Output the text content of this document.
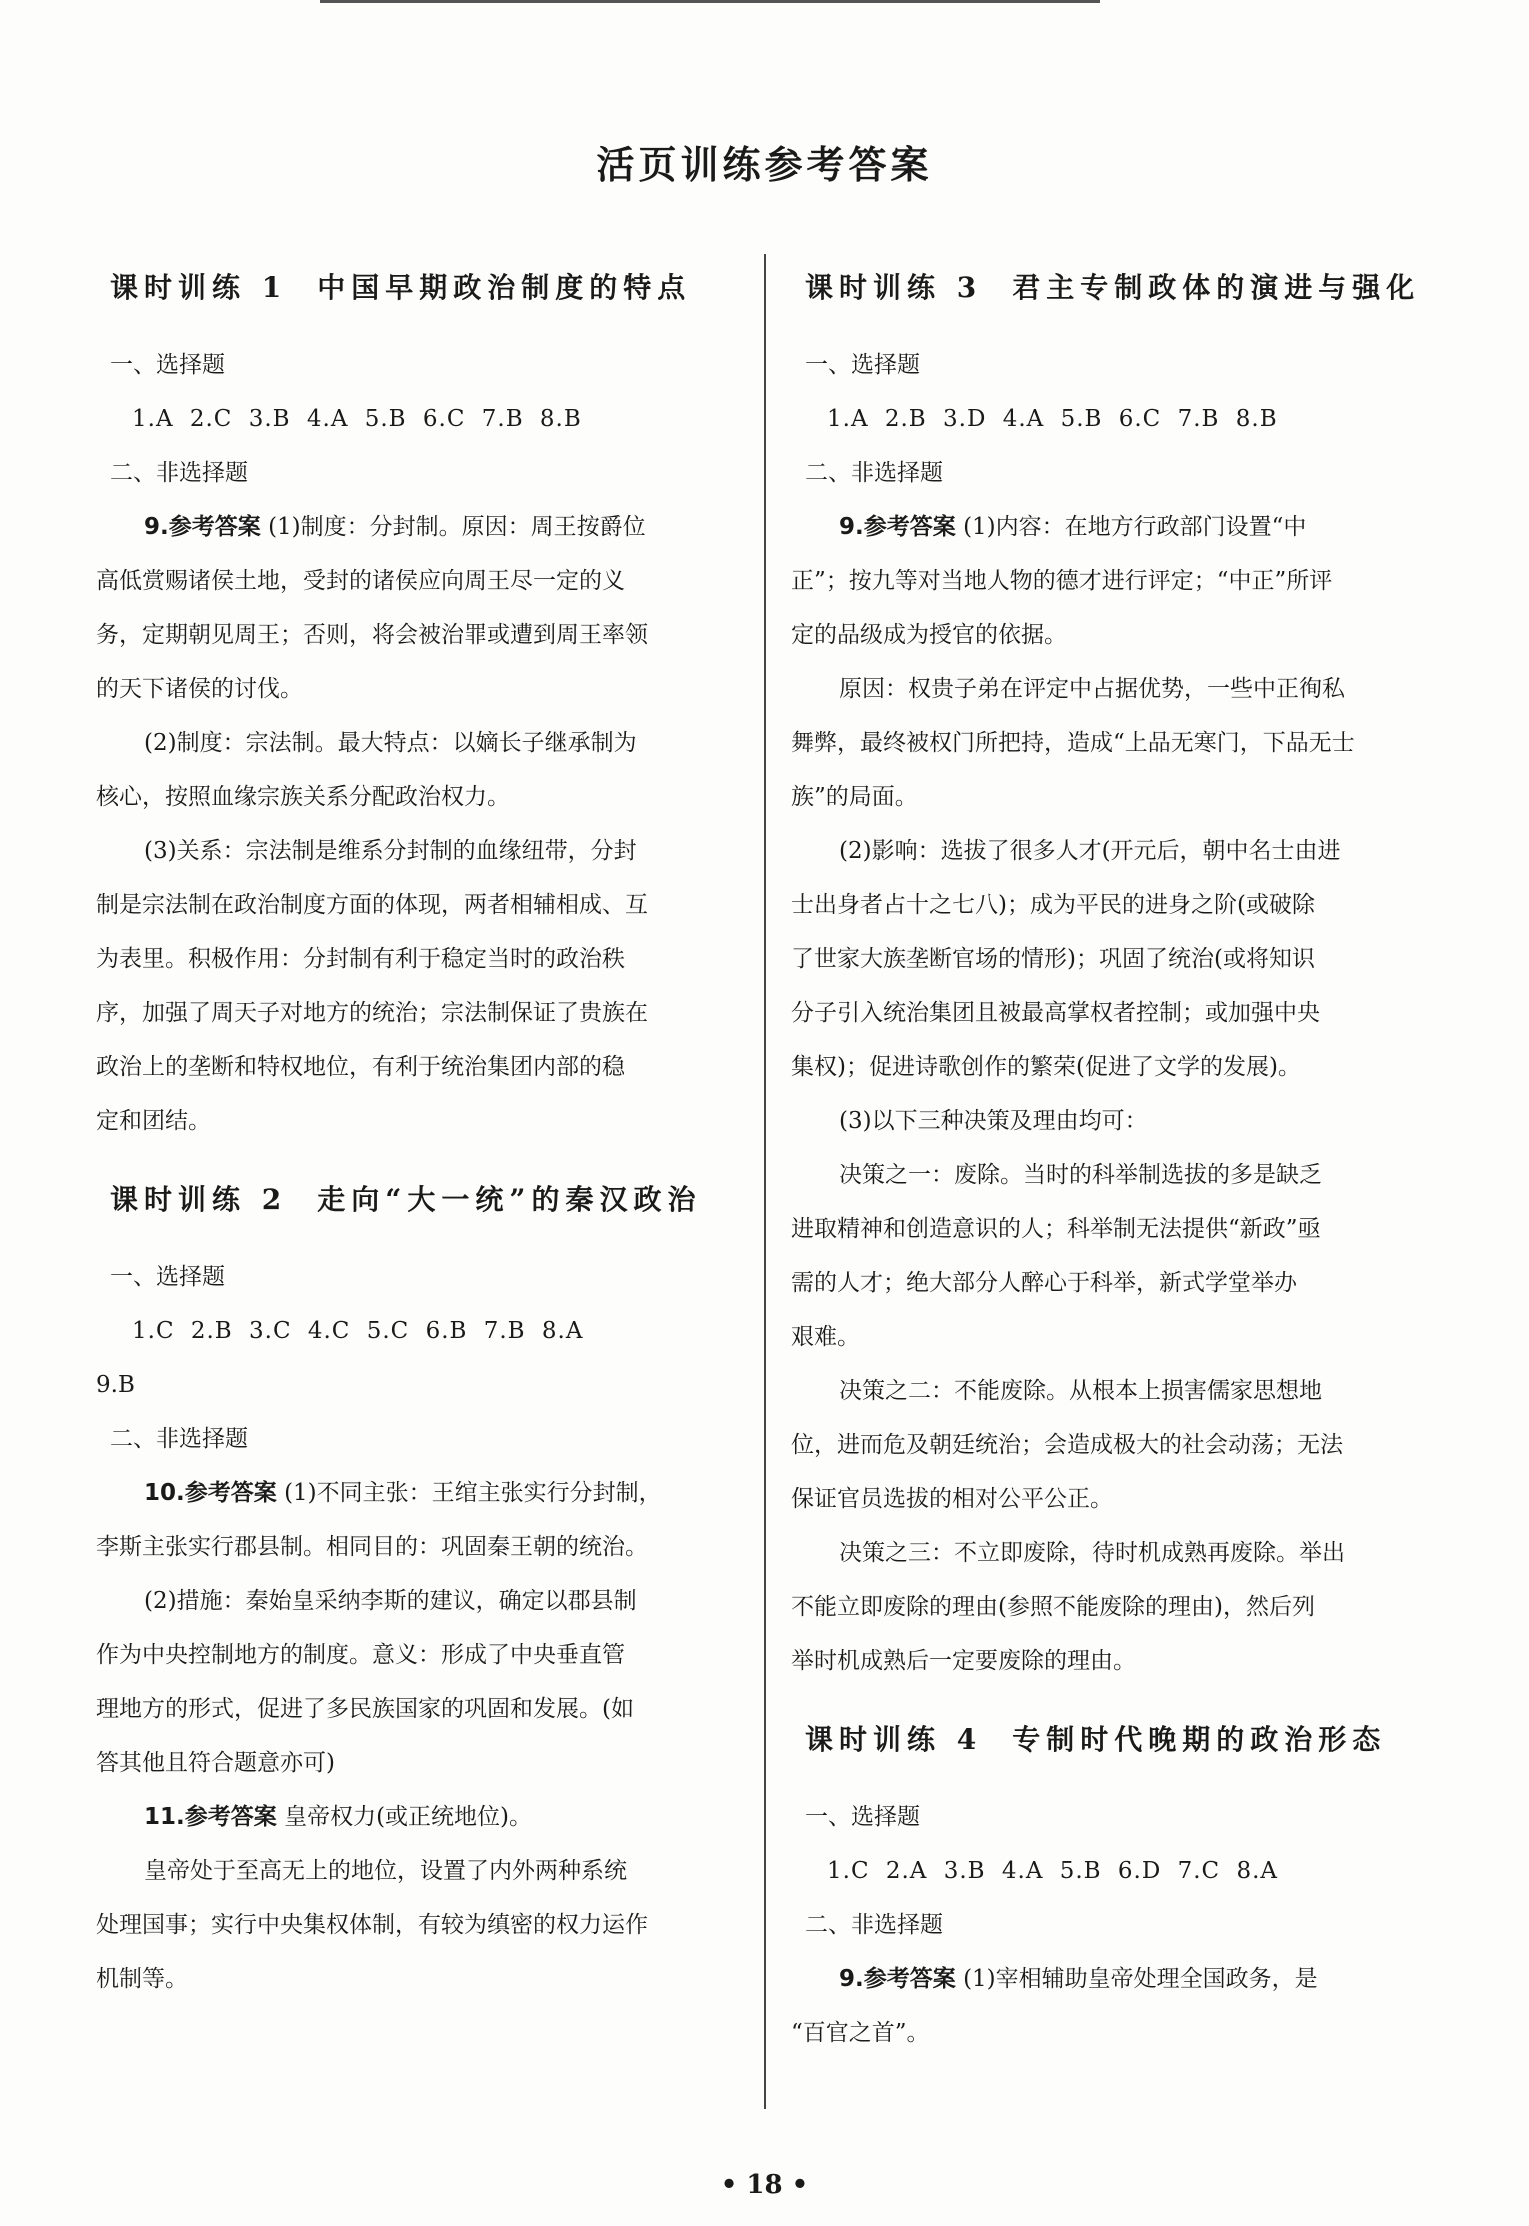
活页训练参考答案
课时训练 1 中国早期政治制度的特点

一、选择题

1.A 2.C 3.B 4.A 5.B 6.C 7.B 8.B

二、非选择题

9.参考答案 (1)制度：分封制。原因：周王按爵位

高低赏赐诸侯土地，受封的诸侯应向周王尽一定的义

务，定期朝见周王；否则，将会被治罪或遭到周王率领

的天下诸侯的讨伐。

(2)制度：宗法制。最大特点：以嫡长子继承制为

核心，按照血缘宗族关系分配政治权力。

(3)关系：宗法制是维系分封制的血缘纽带，分封

制是宗法制在政治制度方面的体现，两者相辅相成、互

为表里。积极作用：分封制有利于稳定当时的政治秩

序，加强了周天子对地方的统治；宗法制保证了贵族在

政治上的垄断和特权地位，有利于统治集团内部的稳

定和团结。

课时训练 2 走向“大一统”的秦汉政治

一、选择题

1.C 2.B 3.C 4.C 5.C 6.B 7.B 8.A

9.B

二、非选择题

10.参考答案 (1)不同主张：王绾主张实行分封制，

李斯主张实行郡县制。相同目的：巩固秦王朝的统治。

(2)措施：秦始皇采纳李斯的建议，确定以郡县制

作为中央控制地方的制度。意义：形成了中央垂直管

理地方的形式，促进了多民族国家的巩固和发展。(如

答其他且符合题意亦可)

11.参考答案 皇帝权力(或正统地位)。

皇帝处于至高无上的地位，设置了内外两种系统

处理国事；实行中央集权体制，有较为缜密的权力运作

机制等。

课时训练 3 君主专制政体的演进与强化

一、选择题

1.A 2.B 3.D 4.A 5.B 6.C 7.B 8.B

二、非选择题

9.参考答案 (1)内容：在地方行政部门设置“中

正”；按九等对当地人物的德才进行评定；“中正”所评

定的品级成为授官的依据。

原因：权贵子弟在评定中占据优势，一些中正徇私

舞弊，最终被权门所把持，造成“上品无寒门，下品无士

族”的局面。

(2)影响：选拔了很多人才(开元后，朝中名士由进

士出身者占十之七八)；成为平民的进身之阶(或破除

了世家大族垄断官场的情形)；巩固了统治(或将知识

分子引入统治集团且被最高掌权者控制；或加强中央

集权)；促进诗歌创作的繁荣(促进了文学的发展)。

(3)以下三种决策及理由均可：

决策之一：废除。当时的科举制选拔的多是缺乏

进取精神和创造意识的人；科举制无法提供“新政”亟

需的人才；绝大部分人醉心于科举，新式学堂举办

艰难。

决策之二：不能废除。从根本上损害儒家思想地

位，进而危及朝廷统治；会造成极大的社会动荡；无法

保证官员选拔的相对公平公正。

决策之三：不立即废除，待时机成熟再废除。举出

不能立即废除的理由(参照不能废除的理由)，然后列

举时机成熟后一定要废除的理由。

课时训练 4 专制时代晚期的政治形态

一、选择题

1.C 2.A 3.B 4.A 5.B 6.D 7.C 8.A

二、非选择题

9.参考答案 (1)宰相辅助皇帝处理全国政务，是

“百官之首”。

• 18 •
